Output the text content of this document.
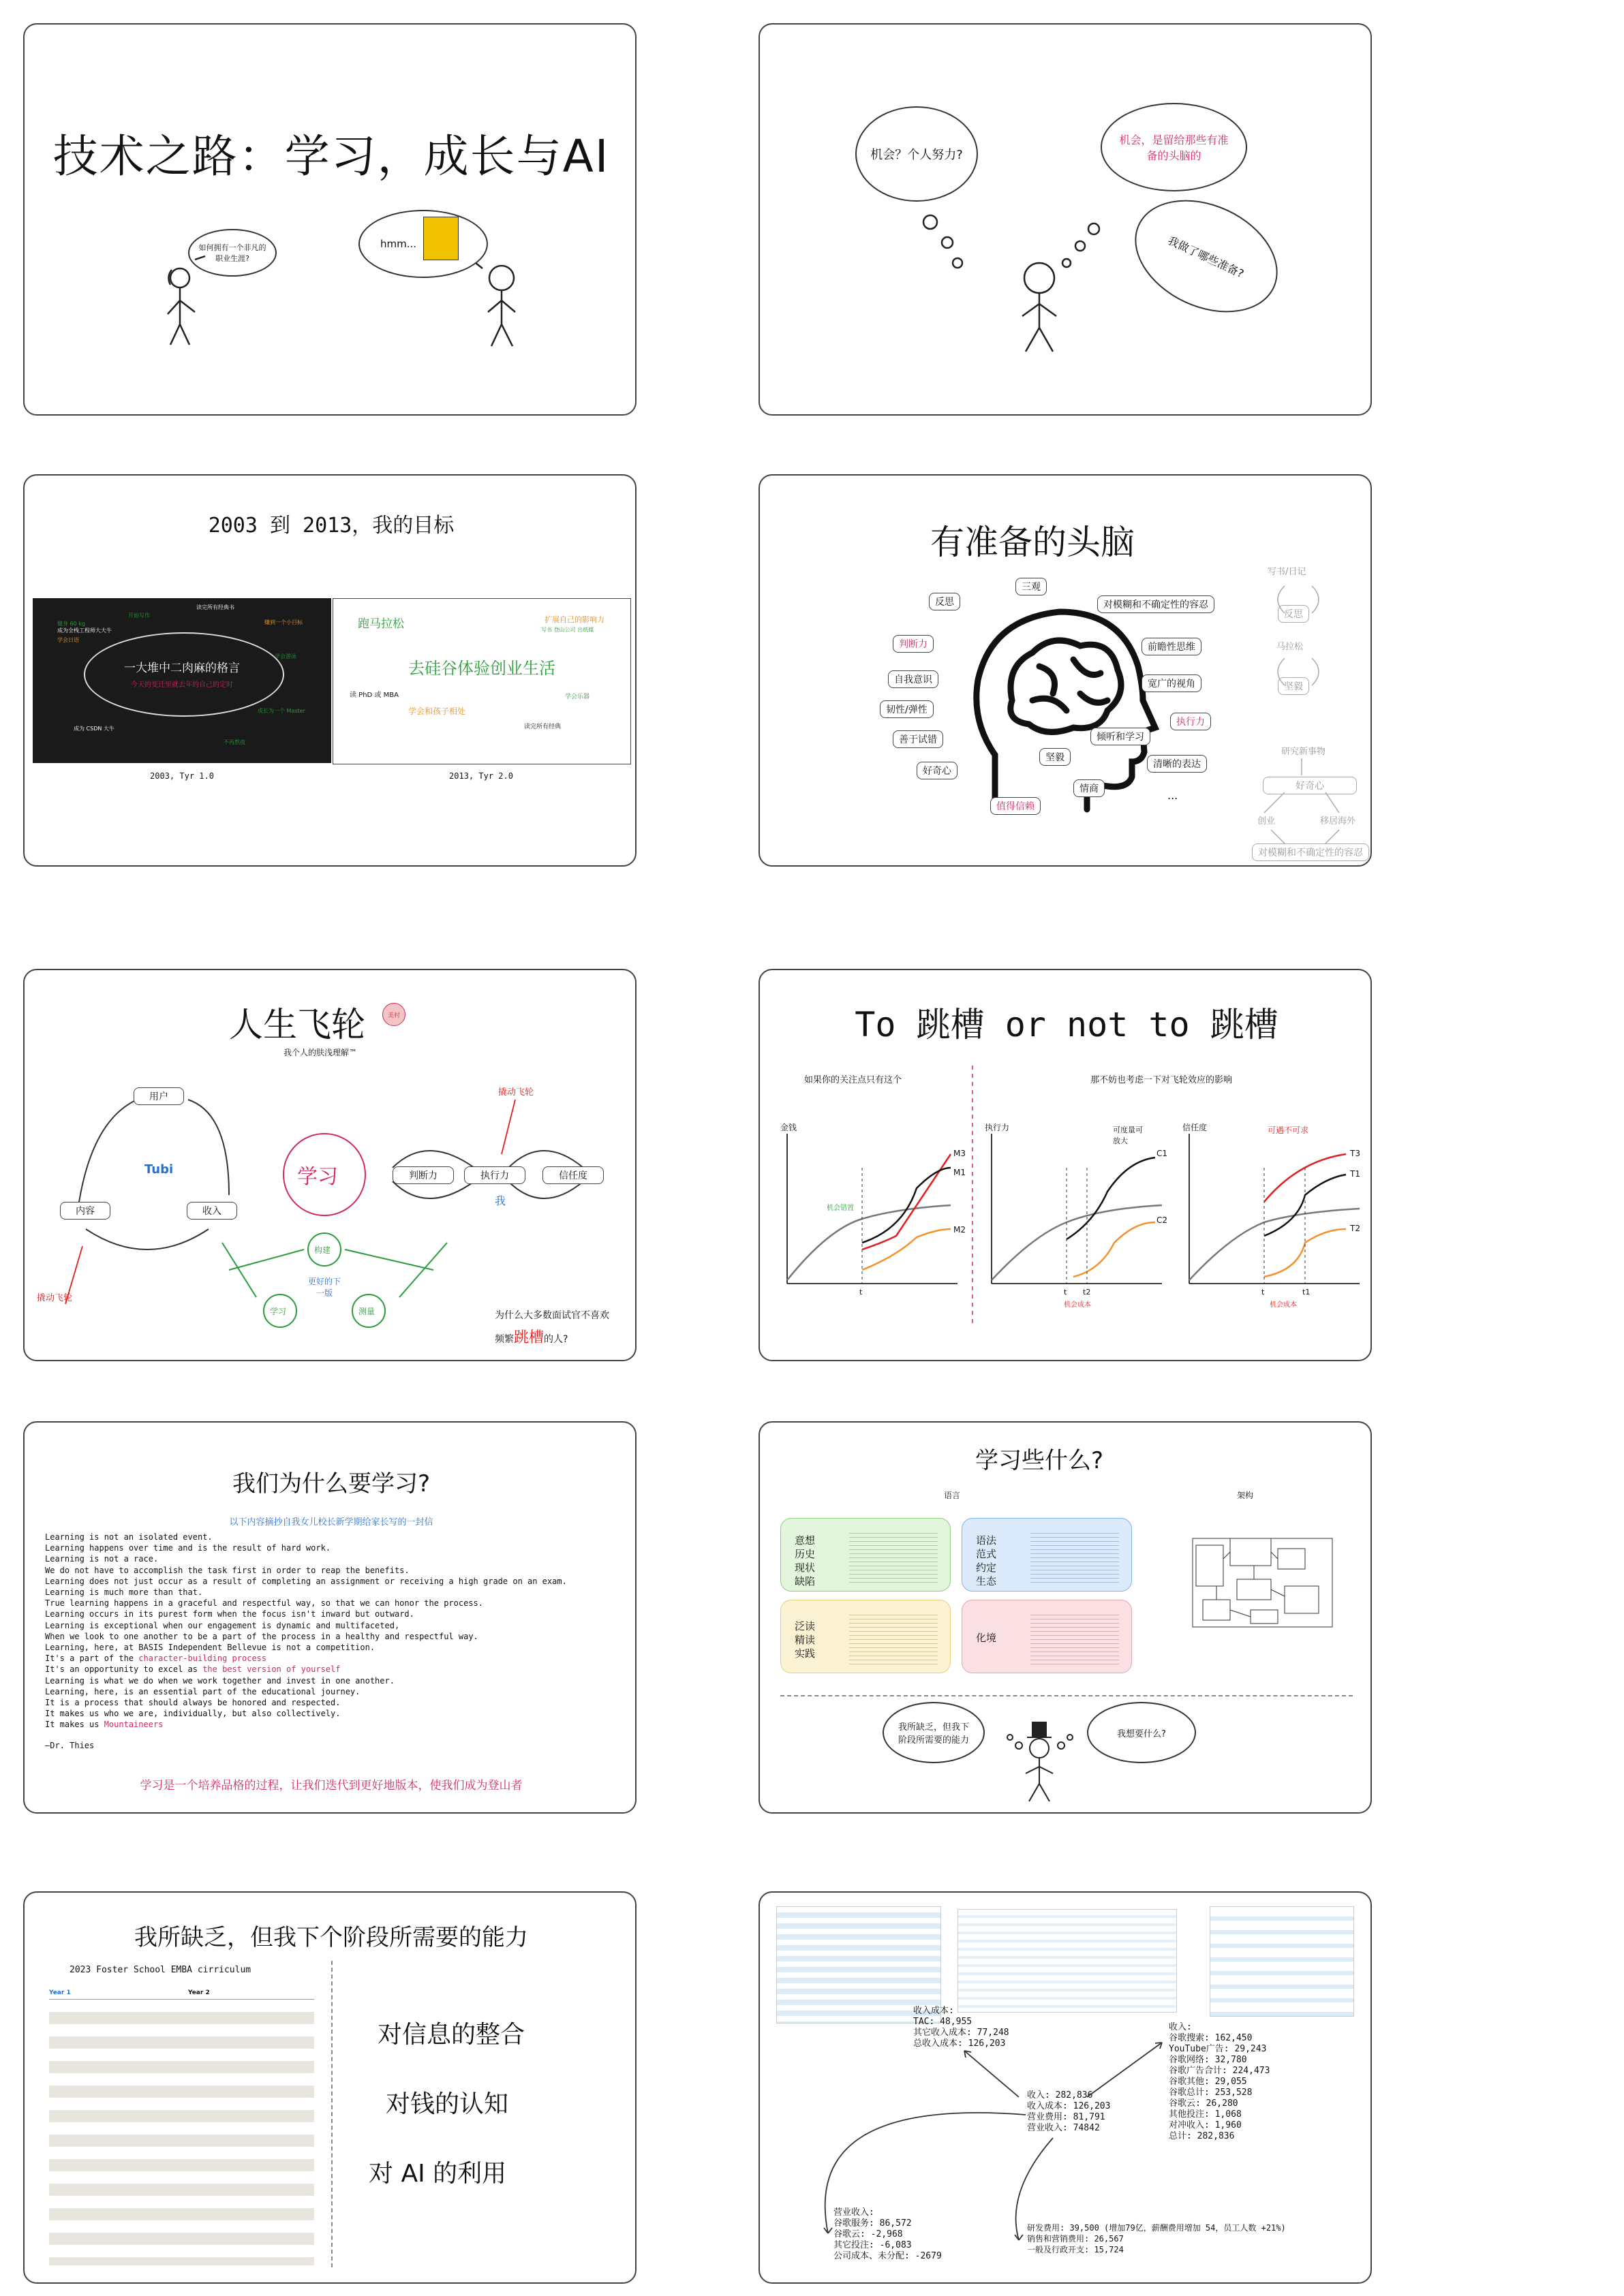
技术之路：学习，成长与AI
如何拥有一个非凡的职业生涯?
hmm...
机会？个人努力?
机会，是留给那些有准备的头脑的
我做了哪些准备?
2003 到 2013，我的目标
一大堆中二肉麻的格言
今天的变迁里就去年的自己的定时
成为全栈工程师大大牛
学会日语
赚到一个小目标
开始写作
健身 60 kg
成为 CSDN 大牛
成长为一个 Master
学会游泳
读完所有经典书
不再熬夜
2003, Tyr 1.0
跑马拉松	扩展自己的影响力
写书 登山公司 出纸媒
去硅谷体验创业生活
读 PhD 或 MBA	学会乐器
学会和孩子相处
读完所有经典
2013, Tyr 2.0
有准备的头脑
反思
三观
对模糊和不确定性的容忍
判断力	前瞻性思维
自我意识	宽广的视角
韧性/弹性
执行力
善于试错	倾听和学习
好奇心
坚毅
清晰的表达
值得信赖
情商	...
写书/日记
反思
马拉松
坚毅
研究新事物
好奇心
创业	移居海外
对模糊和不确定性的容忍
人生飞轮	美村
我个人的肤浅理解™
用户
内容	收入
Tubi
撬动飞轮
学习	判断力	执行力	信任度
我
撬动飞轮
构建
学习	测量
更好的下一版
为什么大多数面试官不喜欢
频繁跳槽的人?
To 跳槽 or not to 跳槽
如果你的关注点只有这个	那不妨也考虑一下对飞轮效应的影响
金钱
M3
M1
M2
机会错置
t
执行力
C1
C2
可度量可放大
t t2
机会成本
信任度
T3
T1
T2
可遇不可求
t	t1
机会成本
我们为什么要学习?
以下内容摘抄自我女儿校长新学期给家长写的一封信
Learning is not an isolated event.
Learning happens over time and is the result of hard work.
Learning is not a race.
We do not have to accomplish the task first in order to reap the benefits.
Learning does not just occur as a result of completing an assignment or receiving a high grade on an exam.
Learning is much more than that.
True learning happens in a graceful and respectful way, so that we can honor the process.
Learning occurs in its purest form when the focus isn't inward but outward.
Learning is exceptional when our engagement is dynamic and multifaceted,
When we look to one another to be a part of the process in a healthy and respectful way.
Learning, here, at BASIS Independent Bellevue is not a competition.
It's a part of the character-building process
It's an opportunity to excel as the best version of yourself
Learning is what we do when we work together and invest in one another.
Learning, here, is an essential part of the educational journey.
It is a process that should always be honored and respected.
It makes us who we are, individually, but also collectively.
It makes us Mountaineers
—Dr. Thies
学习是一个培养品格的过程，让我们迭代到更好地版本，使我们成为登山者
学习些什么?
语言	架构
意想
历史
现状
缺陷
语法
范式
约定
生态
泛读
精读
实践
化境
我所缺乏，但我下阶段所需要的能力
我想要什么?
我所缺乏，但我下个阶段所需要的能力
2023 Foster School EMBA cirriculum
Year 1	Year 2
对信息的整合
对钱的认知
对 AI 的利用
收入成本:
TAC: 48,955
其它收入成本: 77,248
总收入成本: 126,203
收入: 282,836
收入成本: 126,203
营业费用: 81,791
营业收入: 74842
收入:
谷歌搜索: 162,450
YouTube广告: 29,243
谷歌网络: 32,780
谷歌广告合计: 224,473
谷歌其他: 29,055
谷歌总计: 253,528
谷歌云: 26,280
其他投注: 1,068
对冲收入: 1,960
总计: 282,836
营业收入:
谷歌服务: 86,572
谷歌云: -2,968
其它投注: -6,083
公司成本、未分配: -2679
研发费用: 39,500 (增加79亿，薪酬费用增加 54，员工人数 +21%)
销售和营销费用: 26,567
一般及行政开支: 15,724
